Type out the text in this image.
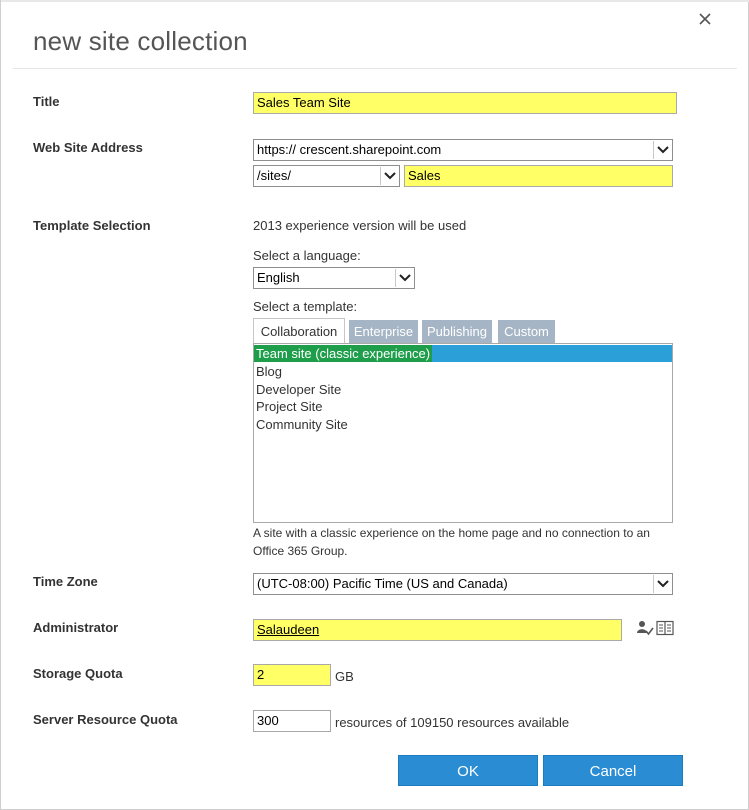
new site collection
Title	Sales Team Site
Web Site Address	https:// crescent.sharepoint.com
/sites/	Sales
Template Selection	2013 experience version will be used
Select a language:
English
Select a template:
Collaboration	Enterprise	Publishing	Custom
Team site (classic experience)
Blog
Developer Site
Project Site
Community Site
A site with a classic experience on the home page and no connection to an
Office 365 Group.
Time Zone	(UTC-08:00) Pacific Time (US and Canada)
Administrator	Salaudeen
Storage Quota	2	GB
Server Resource Quota	300	resources of 109150 resources available
OK	Cancel
